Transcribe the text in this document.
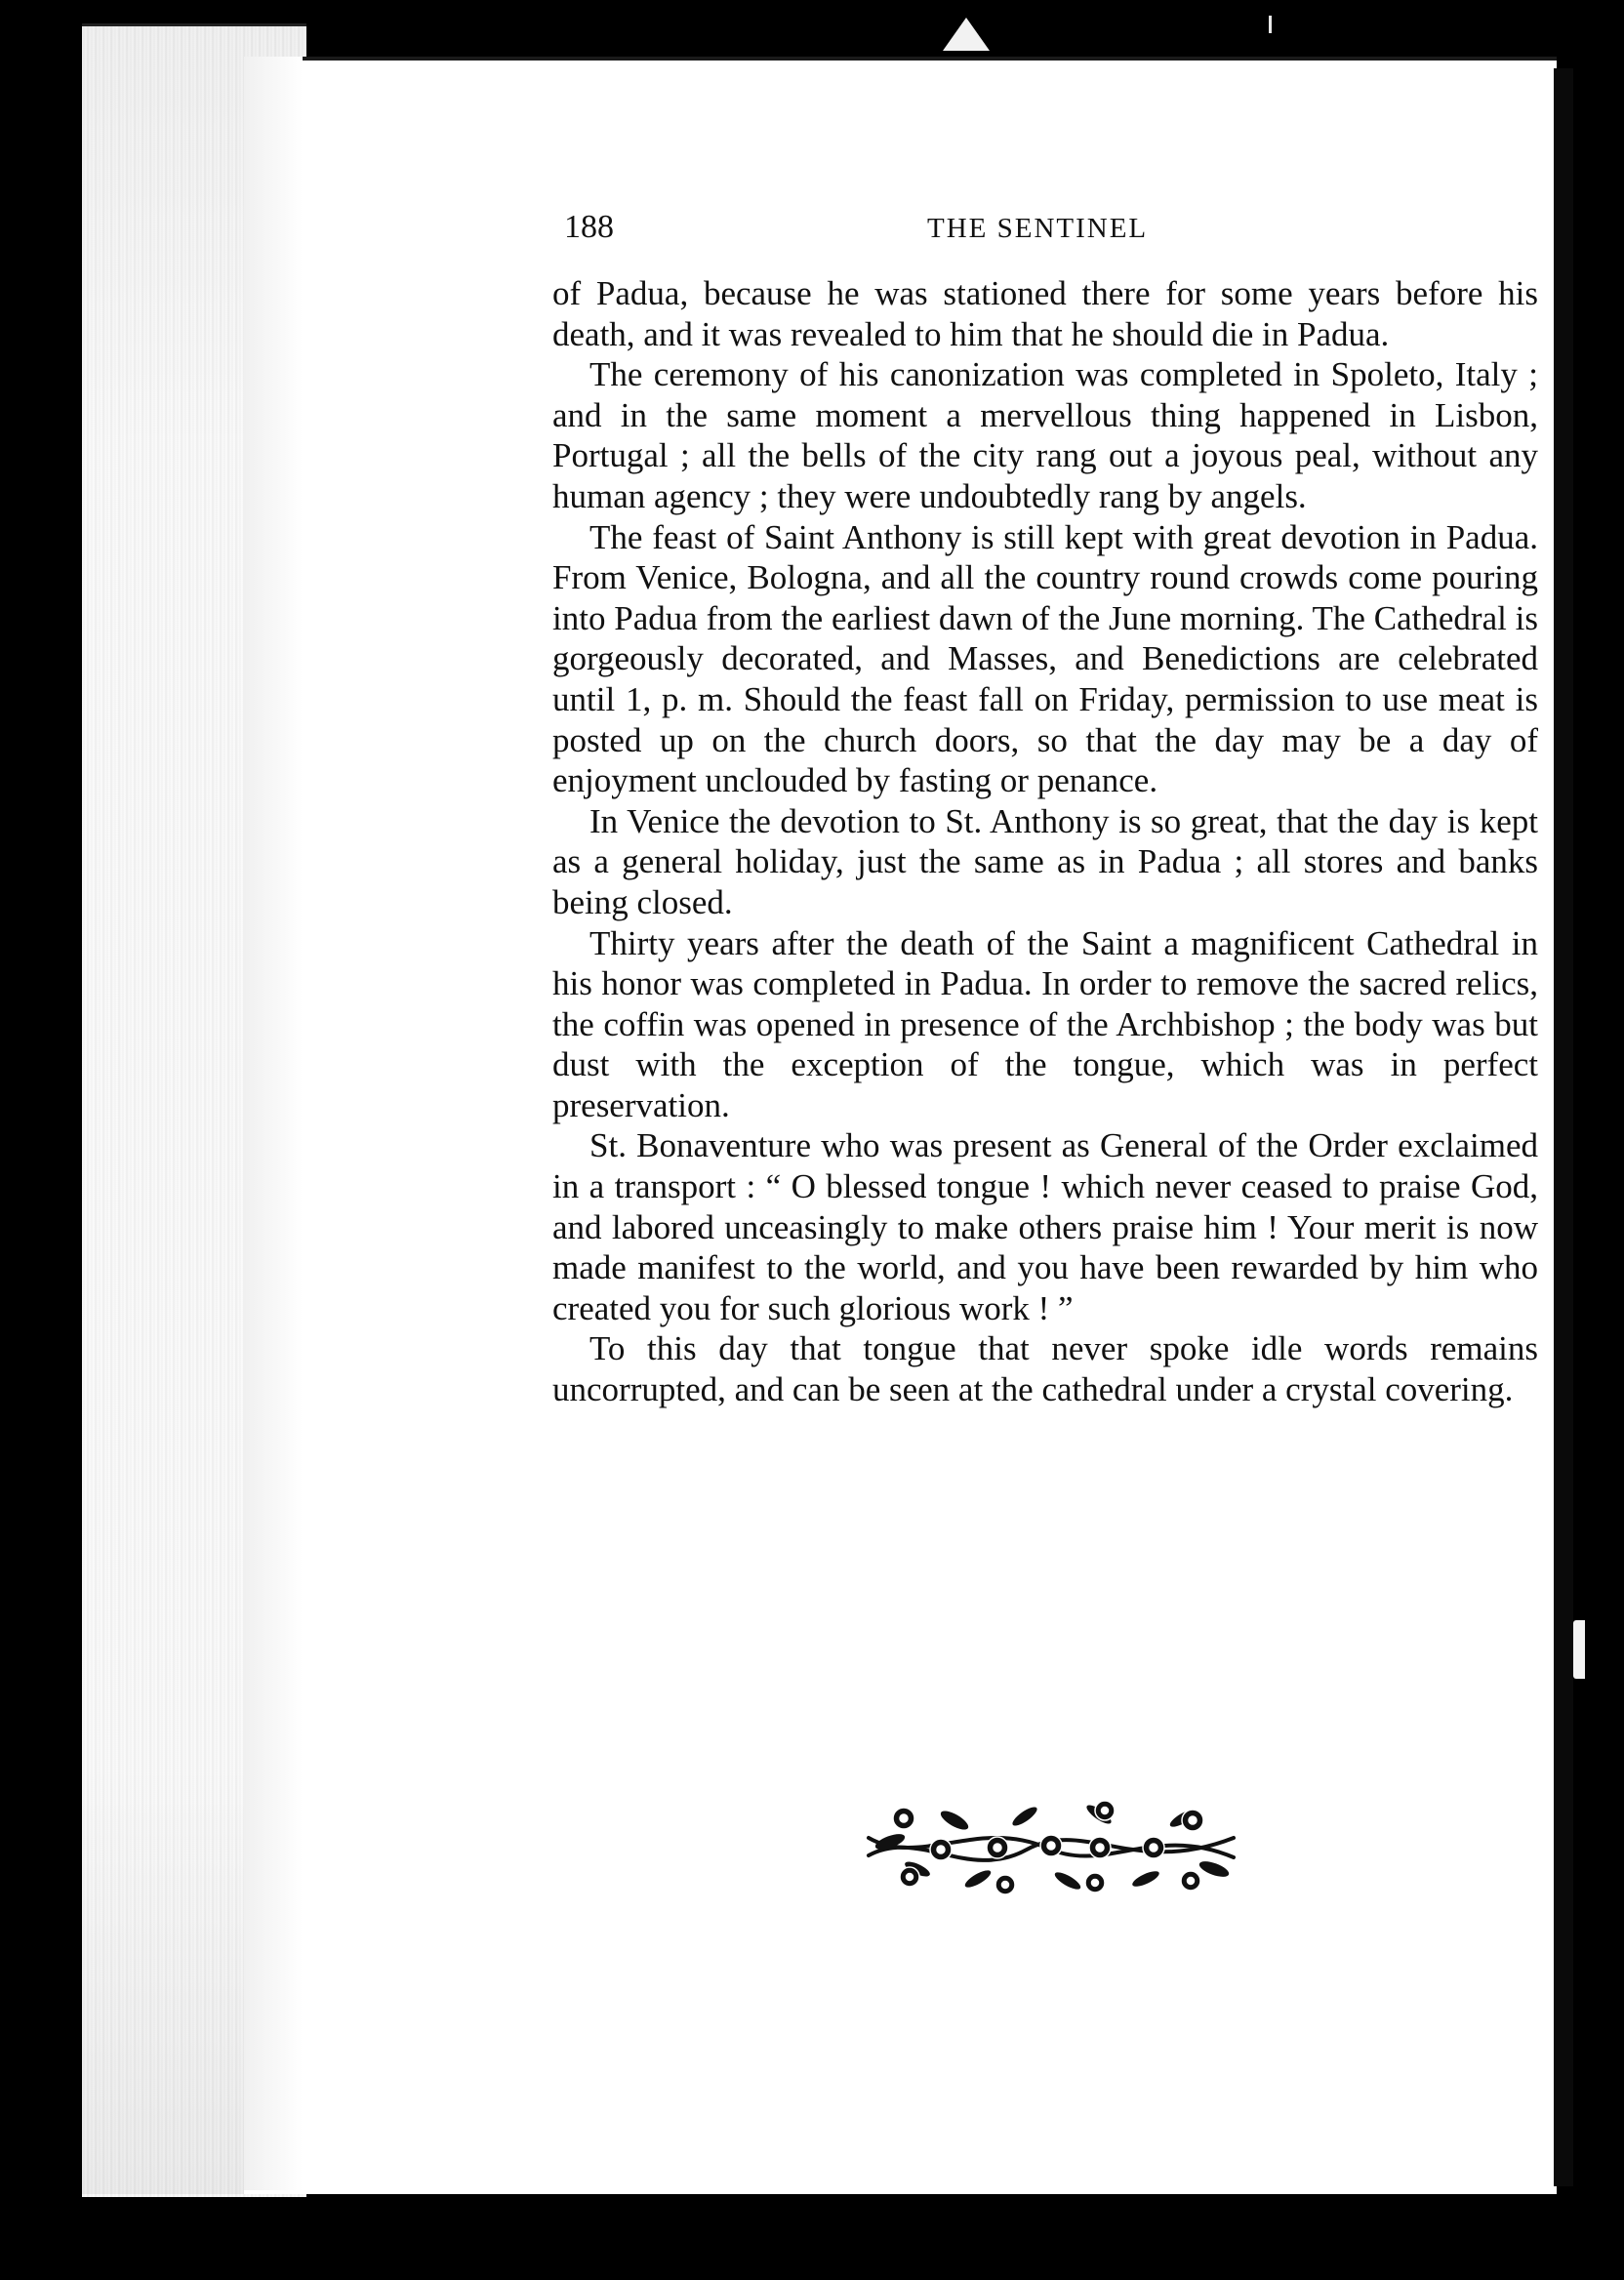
188	THE SENTINEL

of Padua, because he was stationed there for some years before his death, and it was revealed to him that he should die in Padua.

The ceremony of his canonization was completed in Spoleto, Italy ; and in the same moment a mervellous thing happened in Lisbon, Portugal ; all the bells of the city rang out a joyous peal, without any human agency ; they were undoubtedly rang by angels.

The feast of Saint Anthony is still kept with great devotion in Padua. From Venice, Bologna, and all the country round crowds come pouring into Padua from the earliest dawn of the June morning. The Cathedral is gorgeously decorated, and Masses, and Benedictions are celebrated until 1, p. m. Should the feast fall on Friday, permission to use meat is posted up on the church doors, so that the day may be a day of enjoyment unclouded by fasting or penance.

In Venice the devotion to St. Anthony is so great, that the day is kept as a general holiday, just the same as in Padua ; all stores and banks being closed.

Thirty years after the death of the Saint a magnificent Cathedral in his honor was completed in Padua. In order to remove the sacred relics, the coffin was opened in presence of the Archbishop ; the body was but dust with the exception of the tongue, which was in perfect preservation.

St. Bonaventure who was present as General of the Order exclaimed in a transport : “ O blessed tongue ! which never ceased to praise God, and labored unceasingly to make others praise him ! Your merit is now made manifest to the world, and you have been rewarded by him who created you for such glorious work ! ”

To this day that tongue that never spoke idle words remains uncorrupted, and can be seen at the cathedral under a crystal covering.
